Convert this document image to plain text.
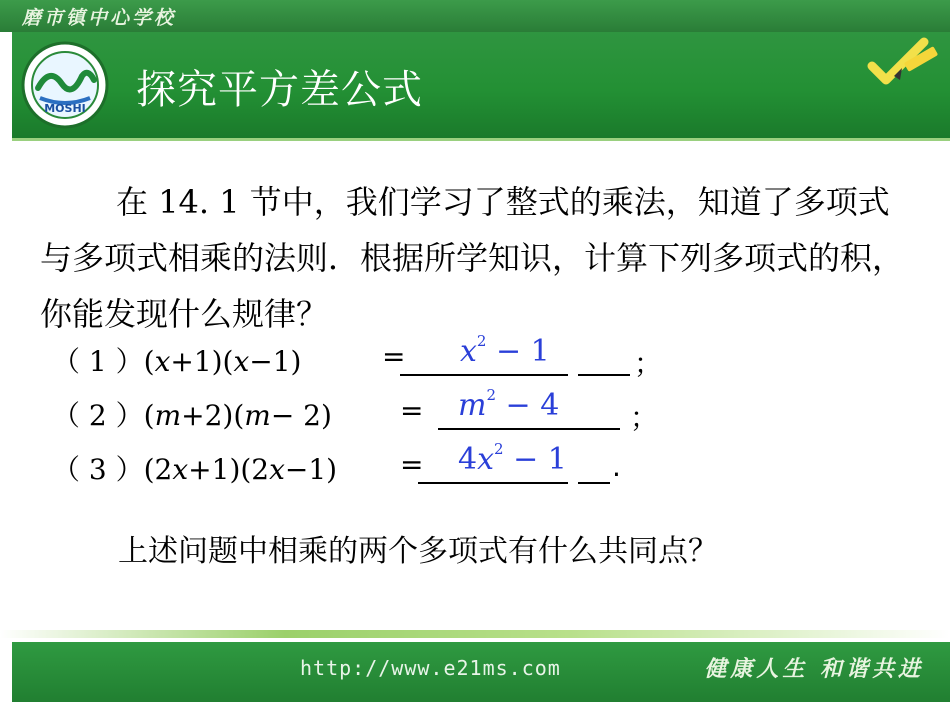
磨市镇中心学校
MOSHI 探究平方差公式
在 14. 1 节中，我们学习了整式的乘法，知道了多项式与多项式相乘的法则．根据所学知识，计算下列多项式的积，你能发现什么规律？
（ 1 ）(x+1)(x−1)	= $x^2 - 1$	；
（ 2 ）$(m+2)(m- 2) = m^2 - 4$	；
（ 3 ）$(2x+1)(2x-1) = 4x^2 - 1$ .
上述问题中相乘的两个多项式有什么共同点？
http://www.e21ms.com	健康人生 和谐共进
